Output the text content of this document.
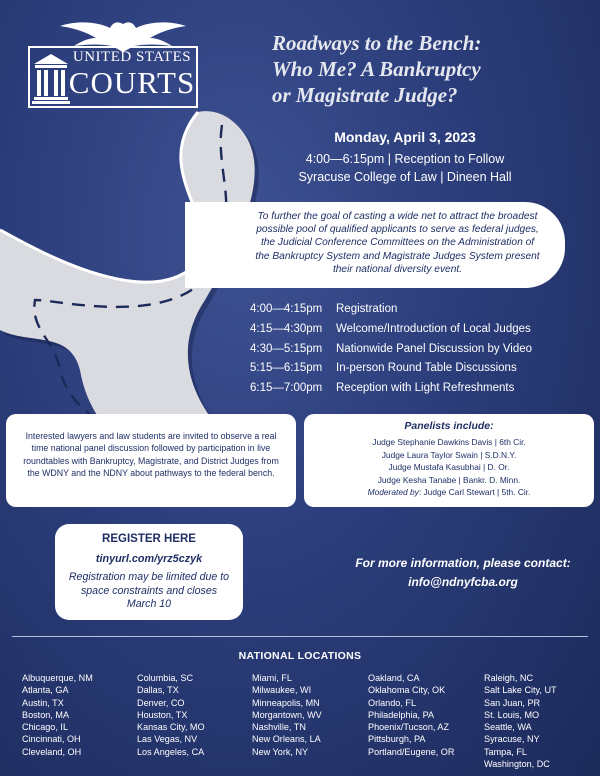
UNITED STATES
COURTS
Roadways to the Bench:
Who Me? A Bankruptcy
or Magistrate Judge?
Monday, April 3, 2023
4:00—6:15pm | Reception to Follow
Syracuse College of Law | Dineen Hall
To further the goal of casting a wide net to attract the broadest possible pool of qualified applicants to serve as federal judges, the Judicial Conference Committees on the Administration of the Bankruptcy System and Magistrate Judges System present their national diversity event.
4:00—4:15pm Registration
4:15—4:30pm Welcome/Introduction of Local Judges
4:30—5:15pm Nationwide Panel Discussion by Video
5:15—6:15pm In-person Round Table Discussions
6:15—7:00pm Reception with Light Refreshments
Interested lawyers and law students are invited to observe a real time national panel discussion followed by participation in live roundtables with Bankruptcy, Magistrate, and District Judges from the WDNY and the NDNY about pathways to the federal bench.
Panelists include:
Judge Stephanie Dawkins Davis | 6th Cir.
Judge Laura Taylor Swain | S.D.N.Y.
Judge Mustafa Kasubhai | D. Or.
Judge Kesha Tanabe | Bankr. D. Minn.
Moderated by: Judge Carl Stewart | 5th. Cir.
REGISTER HERE
tinyurl.com/yrz5czyk
Registration may be limited due to space constraints and closes March 10
For more information, please contact:
info@ndnyfcba.org
NATIONAL LOCATIONS
Albuquerque, NM
Atlanta, GA
Austin, TX
Boston, MA
Chicago, IL
Cincinnati, OH
Cleveland, OH
Columbia, SC
Dallas, TX
Denver, CO
Houston, TX
Kansas City, MO
Las Vegas, NV
Los Angeles, CA
Miami, FL
Milwaukee, WI
Minneapolis, MN
Morgantown, WV
Nashville, TN
New Orleans, LA
New York, NY
Oakland, CA
Oklahoma City, OK
Orlando, FL
Philadelphia, PA
Phoenix/Tucson, AZ
Pittsburgh, PA
Portland/Eugene, OR
Raleigh, NC
Salt Lake City, UT
San Juan, PR
St. Louis, MO
Seattle, WA
Syracuse, NY
Tampa, FL
Washington, DC
